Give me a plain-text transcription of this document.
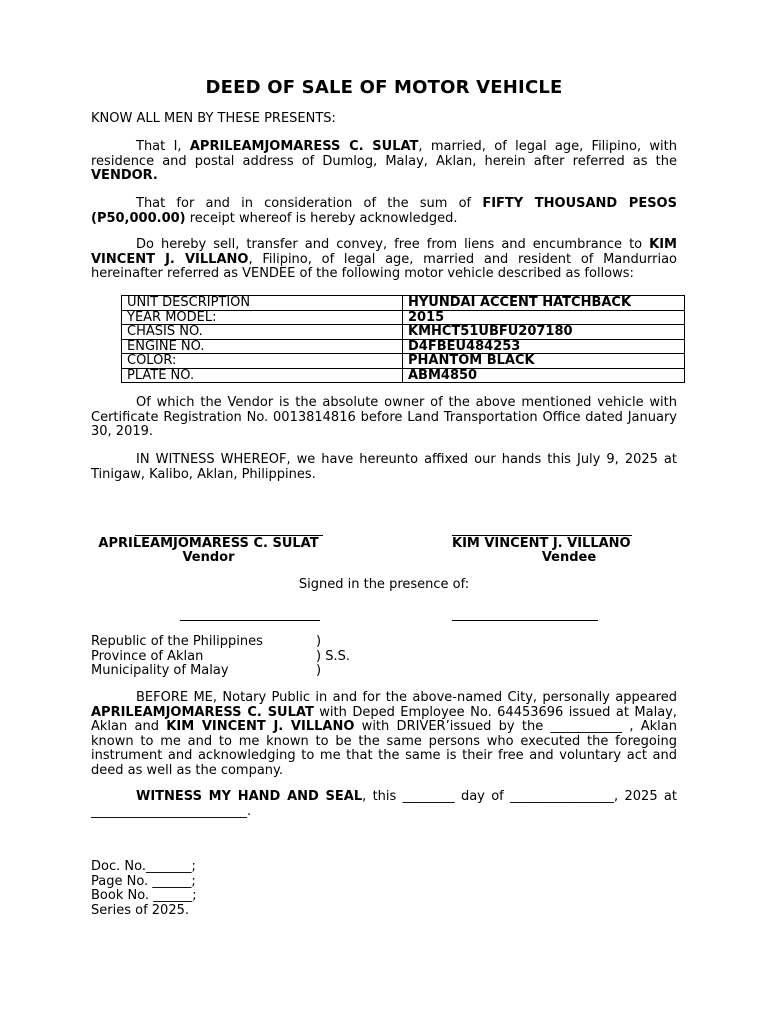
DEED OF SALE OF MOTOR VEHICLE

KNOW ALL MEN BY THESE PRESENTS:

That I, APRILEAMJOMARESS C. SULAT, married, of legal age, Filipino, with residence and postal address of Dumlog, Malay, Aklan, herein after referred as the VENDOR.

That for and in consideration of the sum of FIFTY THOUSAND PESOS (P50,000.00) receipt whereof is hereby acknowledged.

Do hereby sell, transfer and convey, free from liens and encumbrance to KIM VINCENT J. VILLANO, Filipino, of legal age, married and resident of Mandurriao hereinafter referred as VENDEE of the following motor vehicle described as follows:

UNIT DESCRIPTION	HYUNDAI ACCENT HATCHBACK
YEAR MODEL:	2015
CHASIS NO.	KMHCT51UBFU207180
ENGINE NO.	D4FBEU484253
COLOR:	PHANTOM BLACK
PLATE NO.	ABM4850

Of which the Vendor is the absolute owner of the above mentioned vehicle with Certificate Registration No. 0013814816 before Land Transportation Office dated January 30, 2019.

IN WITNESS WHEREOF, we have hereunto affixed our hands this July 9, 2025 at Tinigaw, Kalibo, Aklan, Philippines.

APRILEAMJOMARESS C. SULAT
Vendor
KIM VINCENT J. VILLANO
Vendee
Signed in the presence of:
Republic of the Philippines	)
Province of Aklan	) S.S.
Municipality of Malay	)

BEFORE ME, Notary Public in and for the above-named City, personally appeared APRILEAMJOMARESS C. SULAT with Deped Employee No. 64453696 issued at Malay, Aklan and KIM VINCENT J. VILLANO with DRIVER’issued by the ___________ , Aklan known to me and to me known to be the same persons who executed the foregoing instrument and acknowledging to me that the same is their free and voluntary act and deed as well as the company.

WITNESS MY HAND AND SEAL, this ________ day of ________________, 2025 at ________________________.

Doc. No._______;
Page No. ______;
Book No. ______;
Series of 2025.
